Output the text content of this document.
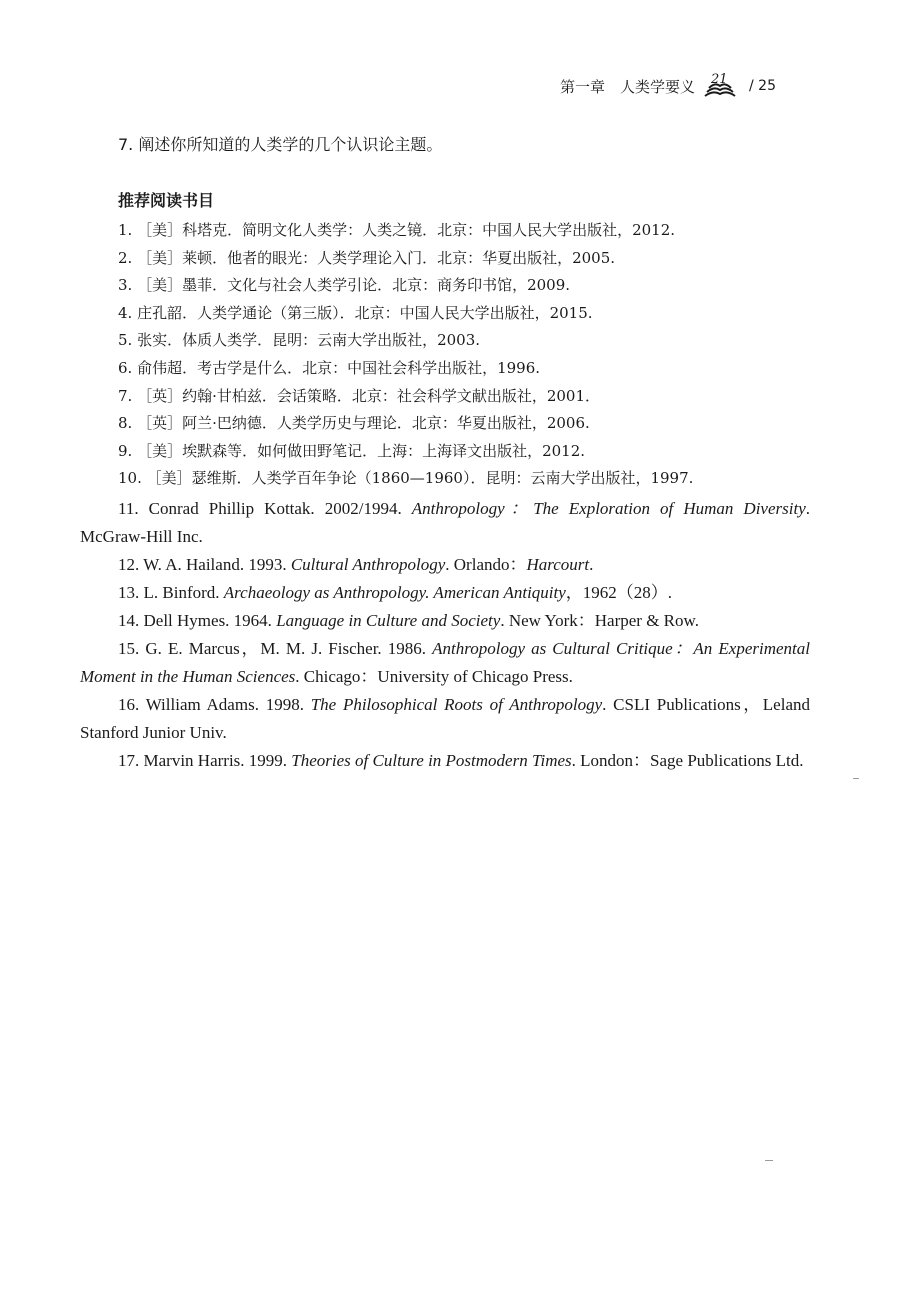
第一章　人类学要义 21 / 25
7. 阐述你所知道的人类学的几个认识论主题。
推荐阅读书目
1. ［美］科塔克．简明文化人类学：人类之镜．北京：中国人民大学出版社，2012.
2. ［美］莱顿．他者的眼光：人类学理论入门．北京：华夏出版社，2005.
3. ［美］墨菲．文化与社会人类学引论．北京：商务印书馆，2009.
4. 庄孔韶．人类学通论（第三版）．北京：中国人民大学出版社，2015.
5. 张实．体质人类学．昆明：云南大学出版社，2003.
6. 俞伟超．考古学是什么．北京：中国社会科学出版社，1996.
7. ［英］约翰·甘柏兹．会话策略．北京：社会科学文献出版社，2001．
8. ［英］阿兰·巴纳德．人类学历史与理论．北京：华夏出版社，2006.
9. ［美］埃默森等．如何做田野笔记．上海：上海译文出版社，2012.
10. ［美］瑟维斯．人类学百年争论（1860—1960）．昆明：云南大学出版社，1997.
11. Conrad Phillip Kottak. 2002/1994. Anthropology：The Exploration of Human Diversity. McGraw-Hill Inc.
12. W. A. Hailand. 1993. Cultural Anthropology. Orlando：Harcourt.
13. L. Binford. Archaeology as Anthropology. American Antiquity，1962（28）.
14. Dell Hymes. 1964. Language in Culture and Society. New York：Harper & Row.
15. G. E. Marcus，M. M. J. Fischer. 1986. Anthropology as Cultural Critique：An Experimental Moment in the Human Sciences. Chicago：University of Chicago Press.
16. William Adams. 1998. The Philosophical Roots of Anthropology. CSLI Publications，Leland Stanford Junior Univ.
17. Marvin Harris. 1999. Theories of Culture in Postmodern Times. London：Sage Publications Ltd.
